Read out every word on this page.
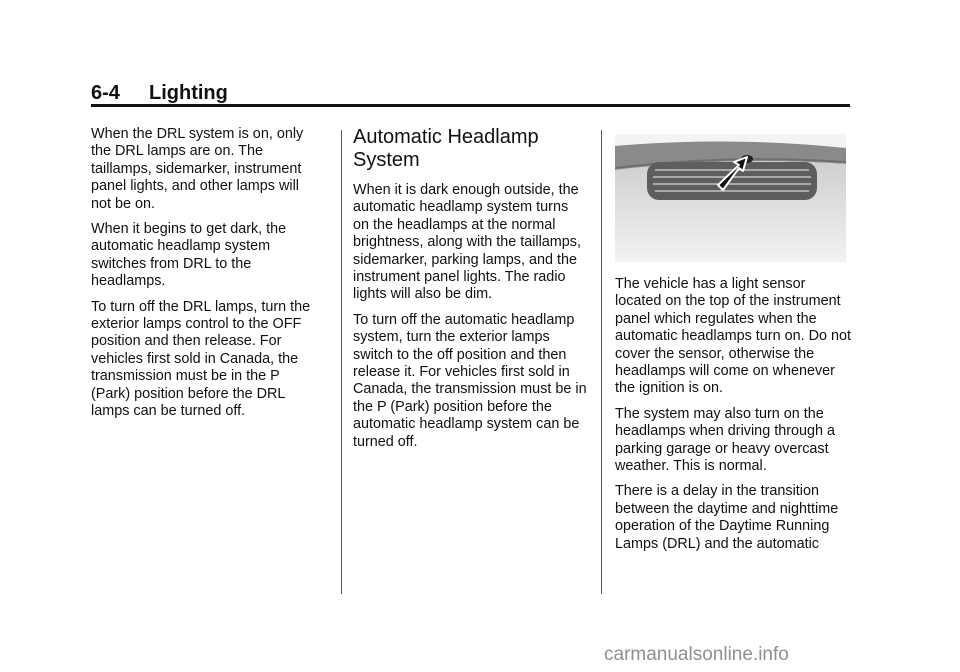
6-4 Lighting

When the DRL system is on, only the DRL lamps are on. The taillamps, sidemarker, instrument panel lights, and other lamps will not be on.

When it begins to get dark, the automatic headlamp system switches from DRL to the headlamps.

To turn off the DRL lamps, turn the exterior lamps control to the OFF position and then release. For vehicles first sold in Canada, the transmission must be in the P (Park) position before the DRL lamps can be turned off.

Automatic Headlamp System

When it is dark enough outside, the automatic headlamp system turns on the headlamps at the normal brightness, along with the taillamps, sidemarker, parking lamps, and the instrument panel lights. The radio lights will also be dim.

To turn off the automatic headlamp system, turn the exterior lamps switch to the off position and then release it. For vehicles first sold in Canada, the transmission must be in the P (Park) position before the automatic headlamp system can be turned off.

The vehicle has a light sensor located on the top of the instrument panel which regulates when the automatic headlamps turn on. Do not cover the sensor, otherwise the headlamps will come on whenever the ignition is on.

The system may also turn on the headlamps when driving through a parking garage or heavy overcast weather. This is normal.

There is a delay in the transition between the daytime and nighttime operation of the Daytime Running Lamps (DRL) and the automatic

carmanualsonline.info
